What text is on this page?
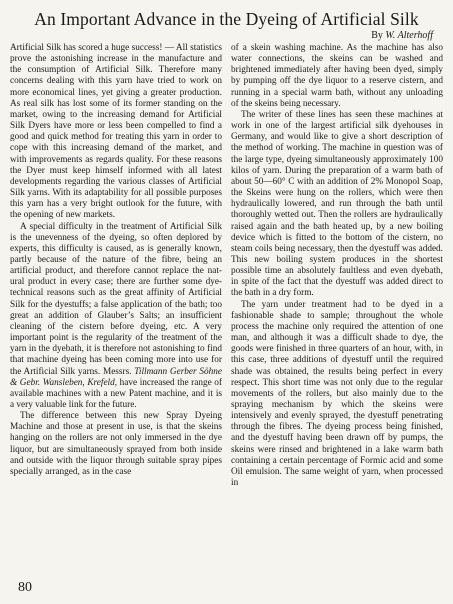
An Important Advance in the Dyeing of Artificial Silk
By W. Alterhoff

Artificial Silk has scored a huge success! — All statistics prove the astonishing increase in the manufacture and the consumption of Artificial Silk. Therefore many concerns dealing with this yarn have tried to work on more economical lines, yet giving a greater production. As real silk has lost some of its former standing on the market, owing to the increasing demand for Artificial Silk Dyers have more or less been compelled to find a good and quick method for treating this yarn in order to cope with this increasing demand of the market, and with improvements as regards quality. For these reasons the Dyer must keep himself informed with all latest developments regarding the various classes of Artificial Silk yarns. With its adaptability for all possible purposes this yarn has a very bright outlook for the future, with the opening of new markets.

A special difficulty in the treatment of Artificial Silk is the unevenness of the dyeing, so often deplored by experts, this difficulty is caused, as is generally known, partly because of the nature of the fibre, being an artificial product, and therefore cannot replace the natural product in every case; there are further some dye-technical reasons such as the great affinity of Artificial Silk for the dyestuffs; a false application of the bath; too great an addition of Glauber’s Salts; an insufficient cleaning of the cistern before dyeing, etc. A very important point is the regularity of the treatment of the yarn in the dyebath, it is therefore not astonishing to find that machine dyeing has been coming more into use for the Artificial Silk yarns. Messrs. Tillmann Gerber Söhne & Gebr. Wansleben, Krefeld, have increased the range of available machines with a new Patent machine, and it is a very valuable link for the future.

The difference between this new Spray Dyeing Machine and those at present in use, is that the skeins hanging on the rollers are not only immersed in the dye liquor, but are simultaneously sprayed from both inside and outside with the liquor through suitable spray pipes specially arranged, as in the case

of a skein washing machine. As the machine has also water connections, the skeins can be washed and brightened immediately after having been dyed, simply by pumping off the dye liquor to a reserve cistern, and running in a special warm bath, without any unloading of the skeins being necessary.

The writer of these lines has seen these machines at work in one of the largest artificial silk dyehouses in Germany, and would like to give a short description of the method of working. The machine in question was of the large type, dyeing simultaneously approximately 100 kilos of yarn. During the preparation of a warm bath of about 50—60° C with an addition of 2% Monopol Soap, the Skeins were hung on the rollers, which were then hydraulically lowered, and run through the bath until thoroughly wetted out. Then the rollers are hydraulically raised again and the bath heated up, by a new boiling device which is fitted to the bottom of the cistern, no steam coils being necessary, then the dyestuff was added. This new boiling system produces in the shortest possible time an absolutely faultless and even dyebath, in spite of the fact that the dyestuff was added direct to the bath in a dry form.

The yarn under treatment had to be dyed in a fashionable shade to sample; throughout the whole process the machine only required the attention of one man, and although it was a difficult shade to dye, the goods were finished in three quarters of an hour, with, in this case, three additions of dyestuff until the required shade was obtained, the results being perfect in every respect. This short time was not only due to the regular movements of the rollers, but also mainly due to the spraying mechanism by which the skeins were intensively and evenly sprayed, the dyestuff penetrating through the fibres. The dyeing process being finished, and the dyestuff having been drawn off by pumps, the skeins were rinsed and brightened in a lake warm bath containing a certain percentage of Formic acid and some Oil emulsion. The same weight of yarn, when processed in

80
